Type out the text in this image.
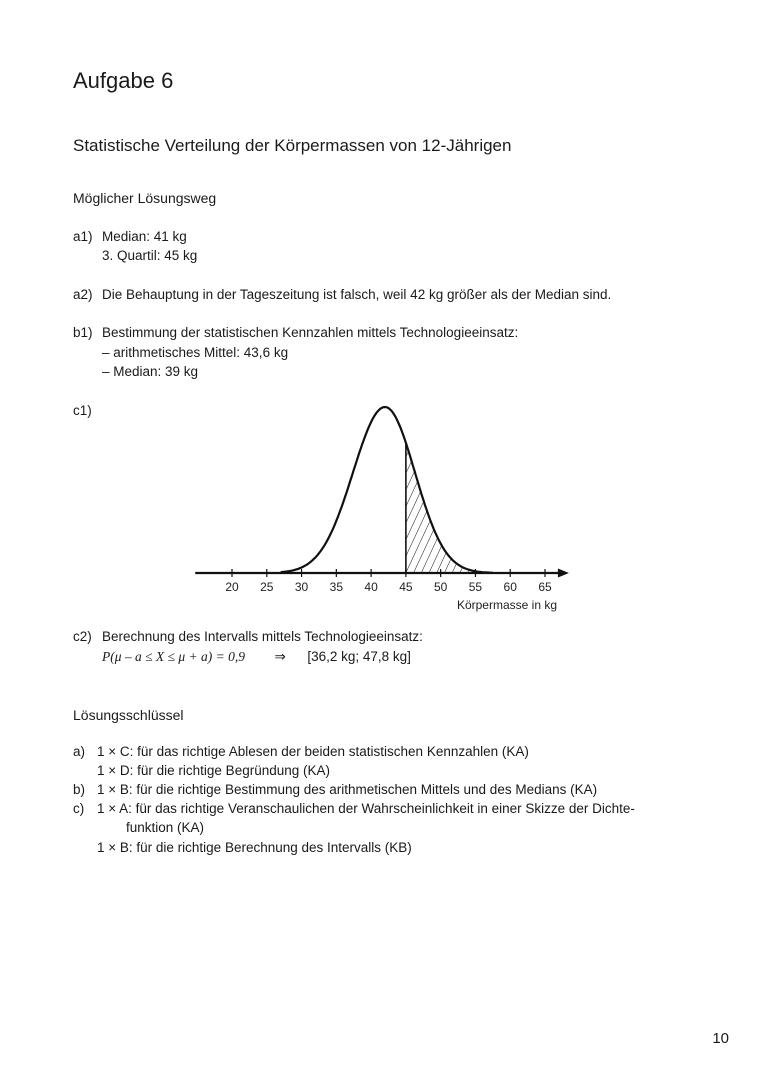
Aufgabe 6
Statistische Verteilung der Körpermassen von 12-Jährigen
Möglicher Lösungsweg
a1) Median: 41 kg
3. Quartil: 45 kg
a2) Die Behauptung in der Tageszeitung ist falsch, weil 42 kg größer als der Median sind.
b1) Bestimmung der statistischen Kennzahlen mittels Technologieeinsatz:
– arithmetisches Mittel: 43,6 kg
– Median: 39 kg
c1)
20 25 30 35 40 45 50 55 60 65
Körpermasse in kg
c2) Berechnung des Intervalls mittels Technologieeinsatz:
P(μ – a ≤ X ≤ μ + a) = 0,9 ⇒ [36,2 kg; 47,8 kg]
Lösungsschlüssel
a) 1 × C: für das richtige Ablesen der beiden statistischen Kennzahlen (KA)
1 × D: für die richtige Begründung (KA)
b) 1 × B: für die richtige Bestimmung des arithmetischen Mittels und des Medians (KA)
c) 1 × A: für das richtige Veranschaulichen der Wahrscheinlichkeit in einer Skizze der Dichte-
funktion (KA)
1 × B: für die richtige Berechnung des Intervalls (KB)
10
